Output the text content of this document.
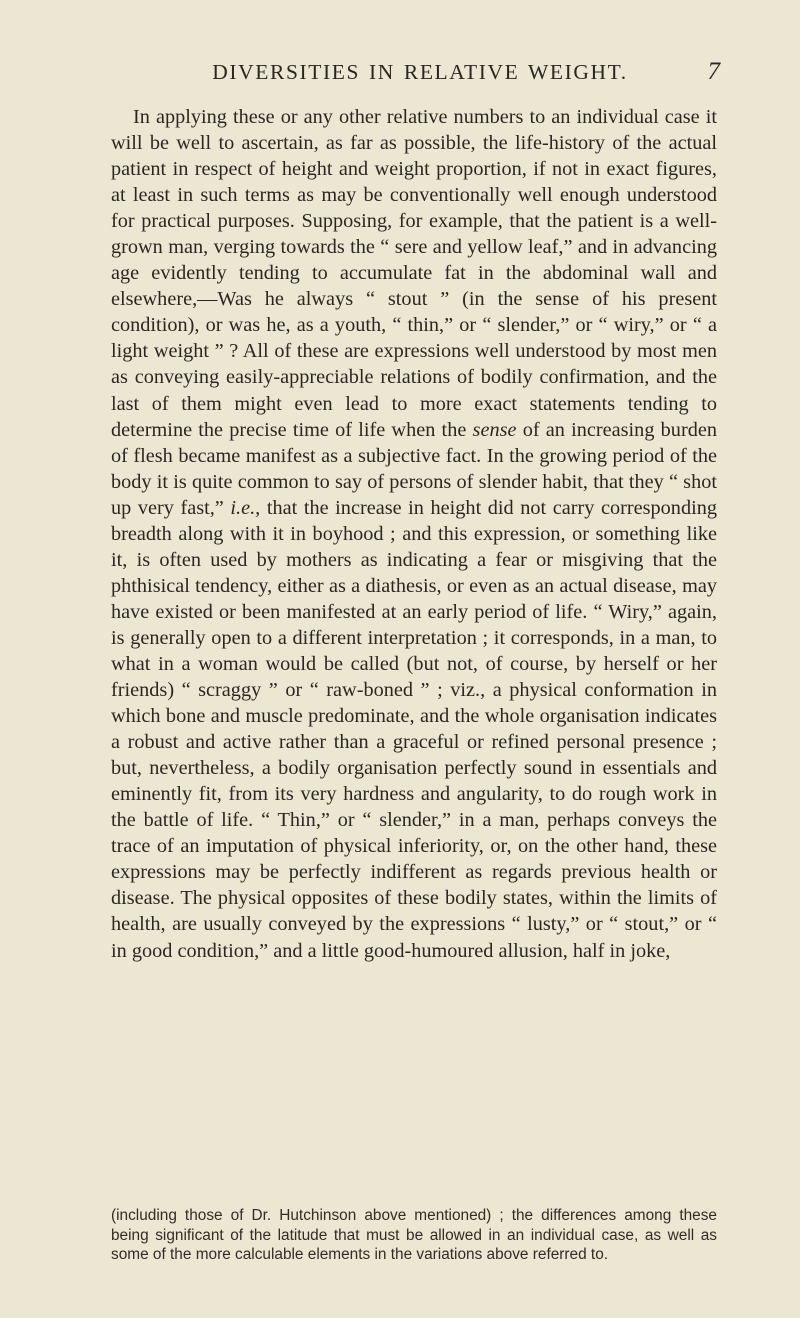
DIVERSITIES IN RELATIVE WEIGHT.	7

In applying these or any other relative numbers to an individual case it will be well to ascertain, as far as possible, the life-history of the actual patient in respect of height and weight proportion, if not in exact figures, at least in such terms as may be conventionally well enough understood for practical purposes. Supposing, for example, that the patient is a well-grown man, verging towards the “ sere and yellow leaf,” and in advancing age evidently tending to accumulate fat in the abdominal wall and elsewhere,—Was he always “ stout ” (in the sense of his present condition), or was he, as a youth, “ thin,” or “ slender,” or “ wiry,” or “ a light weight ” ? All of these are expressions well understood by most men as conveying easily-appreciable relations of bodily confirmation, and the last of them might even lead to more exact statements tending to determine the precise time of life when the sense of an increasing burden of flesh became manifest as a subjective fact. In the growing period of the body it is quite common to say of persons of slender habit, that they “ shot up very fast,” i.e., that the increase in height did not carry corresponding breadth along with it in boyhood ; and this expression, or something like it, is often used by mothers as indicating a fear or misgiving that the phthisical tendency, either as a diathesis, or even as an actual disease, may have existed or been manifested at an early period of life. “ Wiry,” again, is generally open to a different interpretation ; it corresponds, in a man, to what in a woman would be called (but not, of course, by herself or her friends) “ scraggy ” or “ raw-boned ” ; viz., a physical conformation in which bone and muscle predominate, and the whole organisation indicates a robust and active rather than a graceful or refined personal presence ; but, nevertheless, a bodily organisation perfectly sound in essentials and eminently fit, from its very hardness and angularity, to do rough work in the battle of life. “ Thin,” or “ slender,” in a man, perhaps conveys the trace of an imputation of physical inferiority, or, on the other hand, these expressions may be perfectly indifferent as regards previous health or disease. The physical opposites of these bodily states, within the limits of health, are usually conveyed by the expressions “ lusty,” or “ stout,” or “ in good condition,” and a little good-humoured allusion, half in joke,

(including those of Dr. Hutchinson above mentioned) ; the differences among these being significant of the latitude that must be allowed in an individual case, as well as some of the more calculable elements in the variations above referred to.
